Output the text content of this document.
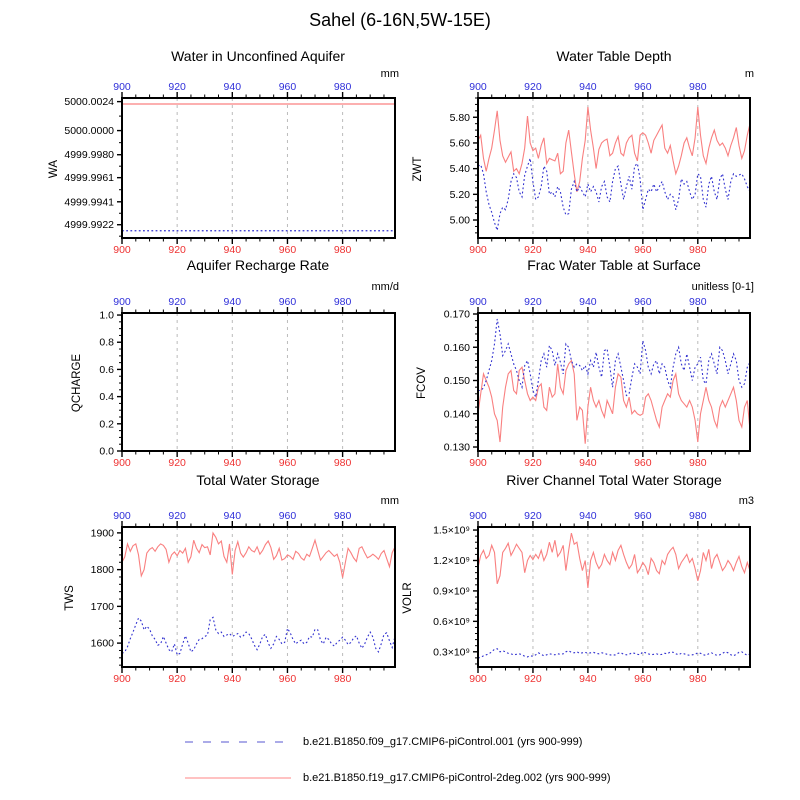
900
900
920
920
940
940
960
960
980
980
4999.9922
4999.9941
4999.9961
4999.9980
5000.0000
5000.0024
900
900
920
920
940
940
960
960
980
980
5.00
5.20
5.40
5.60
5.80
900
900
920
920
940
940
960
960
980
980
0.0
0.2
0.4
0.6
0.8
1.0
900
900
920
920
940
940
960
960
980
980
0.130
0.140
0.150
0.160
0.170
900
900
920
920
940
940
960
960
980
980
1600
1700
1800
1900
900
900
920
920
940
940
960
960
980
980
0.3×10⁹
0.6×10⁹
0.9×10⁹
1.2×10⁹
1.5×10⁹
Sahel (6-16N,5W-15E)
Water in Unconfined Aquifer	Water Table Depth
Aquifer Recharge Rate	Frac Water Table at Surface
Total Water Storage	River Channel Total Water Storage
mm	m
mm/d	unitless [0-1]
mm	m3
WA	ZWT
QCHARGE	FCOV
TWS	VOLR
b.e21.B1850.f09_g17.CMIP6-piControl.001 (yrs 900-999)
b.e21.B1850.f19_g17.CMIP6-piControl-2deg.002 (yrs 900-999)
